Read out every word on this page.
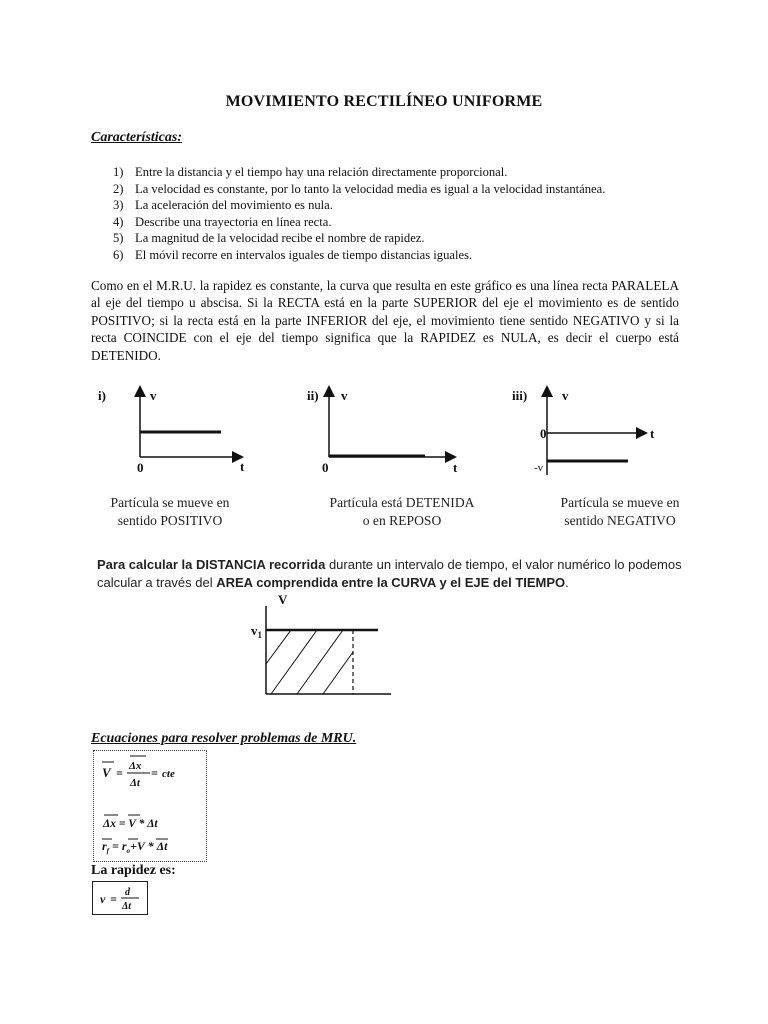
MOVIMIENTO RECTILÍNEO UNIFORME
Características:
1) Entre la distancia y el tiempo hay una relación directamente proporcional.
2) La velocidad es constante, por lo tanto la velocidad media es igual a la velocidad instantánea.
3) La aceleración del movimiento es nula.
4) Describe una trayectoria en línea recta.
5) La magnitud de la velocidad recibe el nombre de rapidez.
6) El móvil recorre en intervalos iguales de tiempo distancias iguales.

Como en el M.R.U. la rapidez es constante, la curva que resulta en este gráfico es una línea recta PARALELA al eje del tiempo u abscisa. Si la RECTA está en la parte SUPERIOR del eje el movimiento es de sentido POSITIVO; si la recta está en la parte INFERIOR del eje, el movimiento tiene sentido NEGATIVO y si la recta COINCIDE con el eje del tiempo significa que la RAPIDEZ es NULA, es decir el cuerpo está DETENIDO.

i)	v
t
0
Partícula se mueve en
sentido POSITIVO
ii) v
t
0
Partícula está DETENIDA
o en REPOSO
iii)	v
t
0
-v
Partícula se mueve en
sentido NEGATIVO

Para calcular la DISTANCIA recorrida durante un intervalo de tiempo, el valor numérico lo podemos calcular a través del AREA comprendida entre la CURVA y el EJE del TIEMPO.

V
$v_1$
Ecuaciones para resolver problemas de MRU.
V = Δx
Δt
= cte
Δx = V * Δt
$r_f = r_o+V * \Delta t$
La rapidez es:
v = d
Δt
